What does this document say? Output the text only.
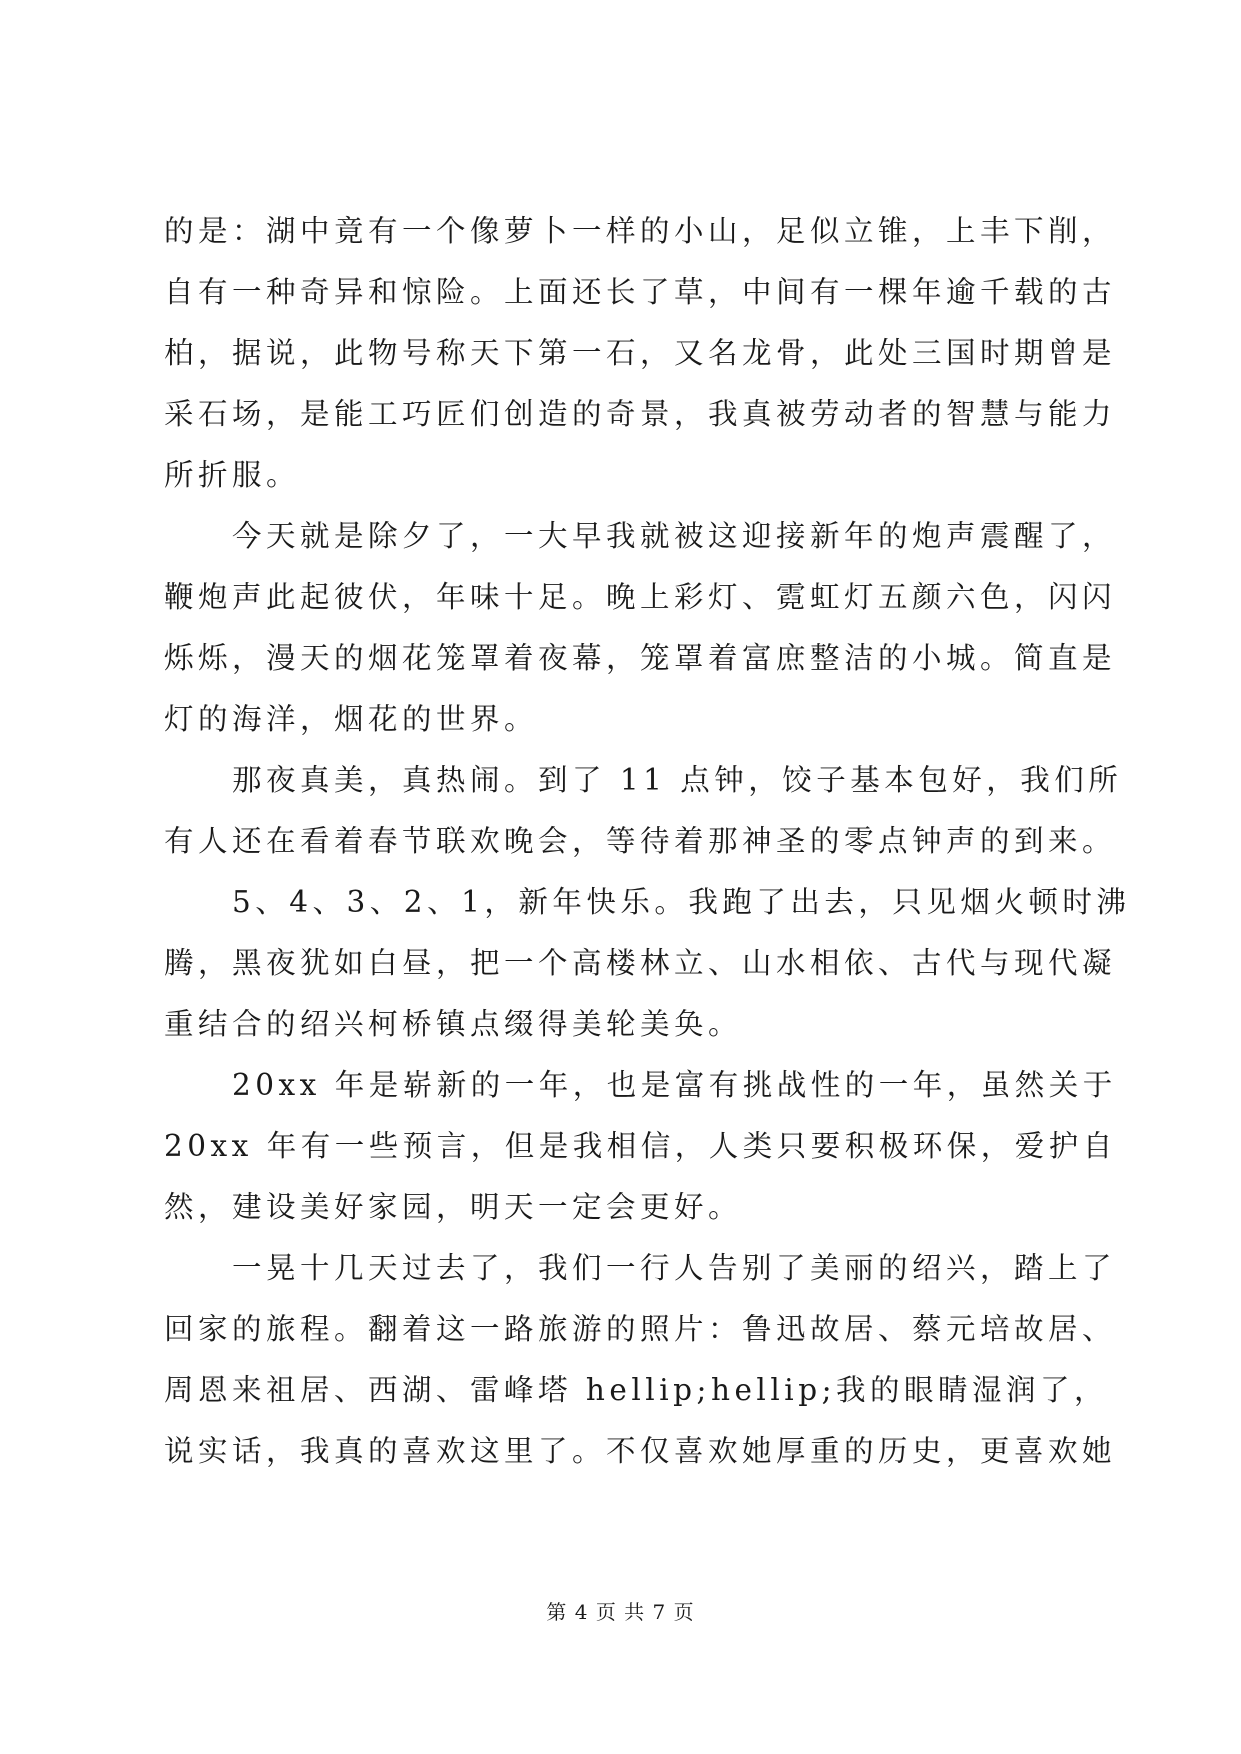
的是：湖中竟有一个像萝卜一样的小山，足似立锥，上丰下削，
自有一种奇异和惊险。上面还长了草，中间有一棵年逾千载的古
柏，据说，此物号称天下第一石，又名龙骨，此处三国时期曾是
采石场，是能工巧匠们创造的奇景，我真被劳动者的智慧与能力
所折服。
　　今天就是除夕了，一大早我就被这迎接新年的炮声震醒了，
鞭炮声此起彼伏，年味十足。晚上彩灯、霓虹灯五颜六色，闪闪
烁烁，漫天的烟花笼罩着夜幕，笼罩着富庶整洁的小城。简直是
灯的海洋，烟花的世界。
　　那夜真美，真热闹。到了 11 点钟，饺子基本包好，我们所
有人还在看着春节联欢晚会，等待着那神圣的零点钟声的到来。
　　5、4、3、2、1，新年快乐。我跑了出去，只见烟火顿时沸
腾，黑夜犹如白昼，把一个高楼林立、山水相依、古代与现代凝
重结合的绍兴柯桥镇点缀得美轮美奂。
　　20xx 年是崭新的一年，也是富有挑战性的一年，虽然关于
20xx 年有一些预言，但是我相信，人类只要积极环保，爱护自
然，建设美好家园，明天一定会更好。
　　一晃十几天过去了，我们一行人告别了美丽的绍兴，踏上了
回家的旅程。翻着这一路旅游的照片：鲁迅故居、蔡元培故居、
周恩来祖居、西湖、雷峰塔 hellip;hellip;我的眼睛湿润了，
说实话，我真的喜欢这里了。不仅喜欢她厚重的历史，更喜欢她
第 4 页 共 7 页
